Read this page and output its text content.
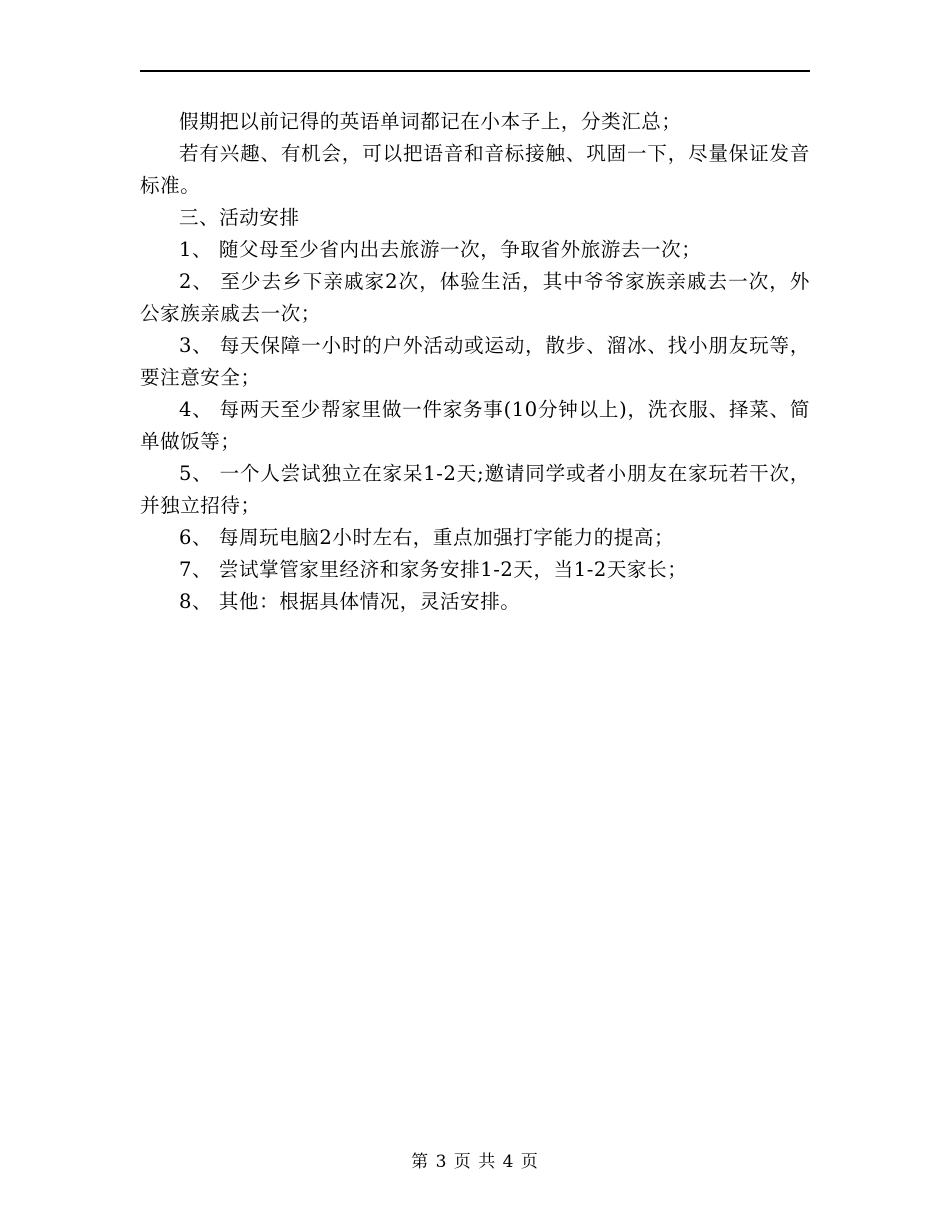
假期把以前记得的英语单词都记在小本子上，分类汇总；

若有兴趣、有机会，可以把语音和音标接触、巩固一下，尽量保证发音标准。

三、活动安排

1、 随父母至少省内出去旅游一次，争取省外旅游去一次；

2、 至少去乡下亲戚家2次，体验生活，其中爷爷家族亲戚去一次，外公家族亲戚去一次；

3、 每天保障一小时的户外活动或运动，散步、溜冰、找小朋友玩等，要注意安全；

4、 每两天至少帮家里做一件家务事(10分钟以上)，洗衣服、择菜、简单做饭等；

5、 一个人尝试独立在家呆1-2天;邀请同学或者小朋友在家玩若干次，并独立招待；

6、 每周玩电脑2小时左右，重点加强打字能力的提高；

7、 尝试掌管家里经济和家务安排1-2天，当1-2天家长；

8、 其他：根据具体情况，灵活安排。

第 3 页 共 4 页
